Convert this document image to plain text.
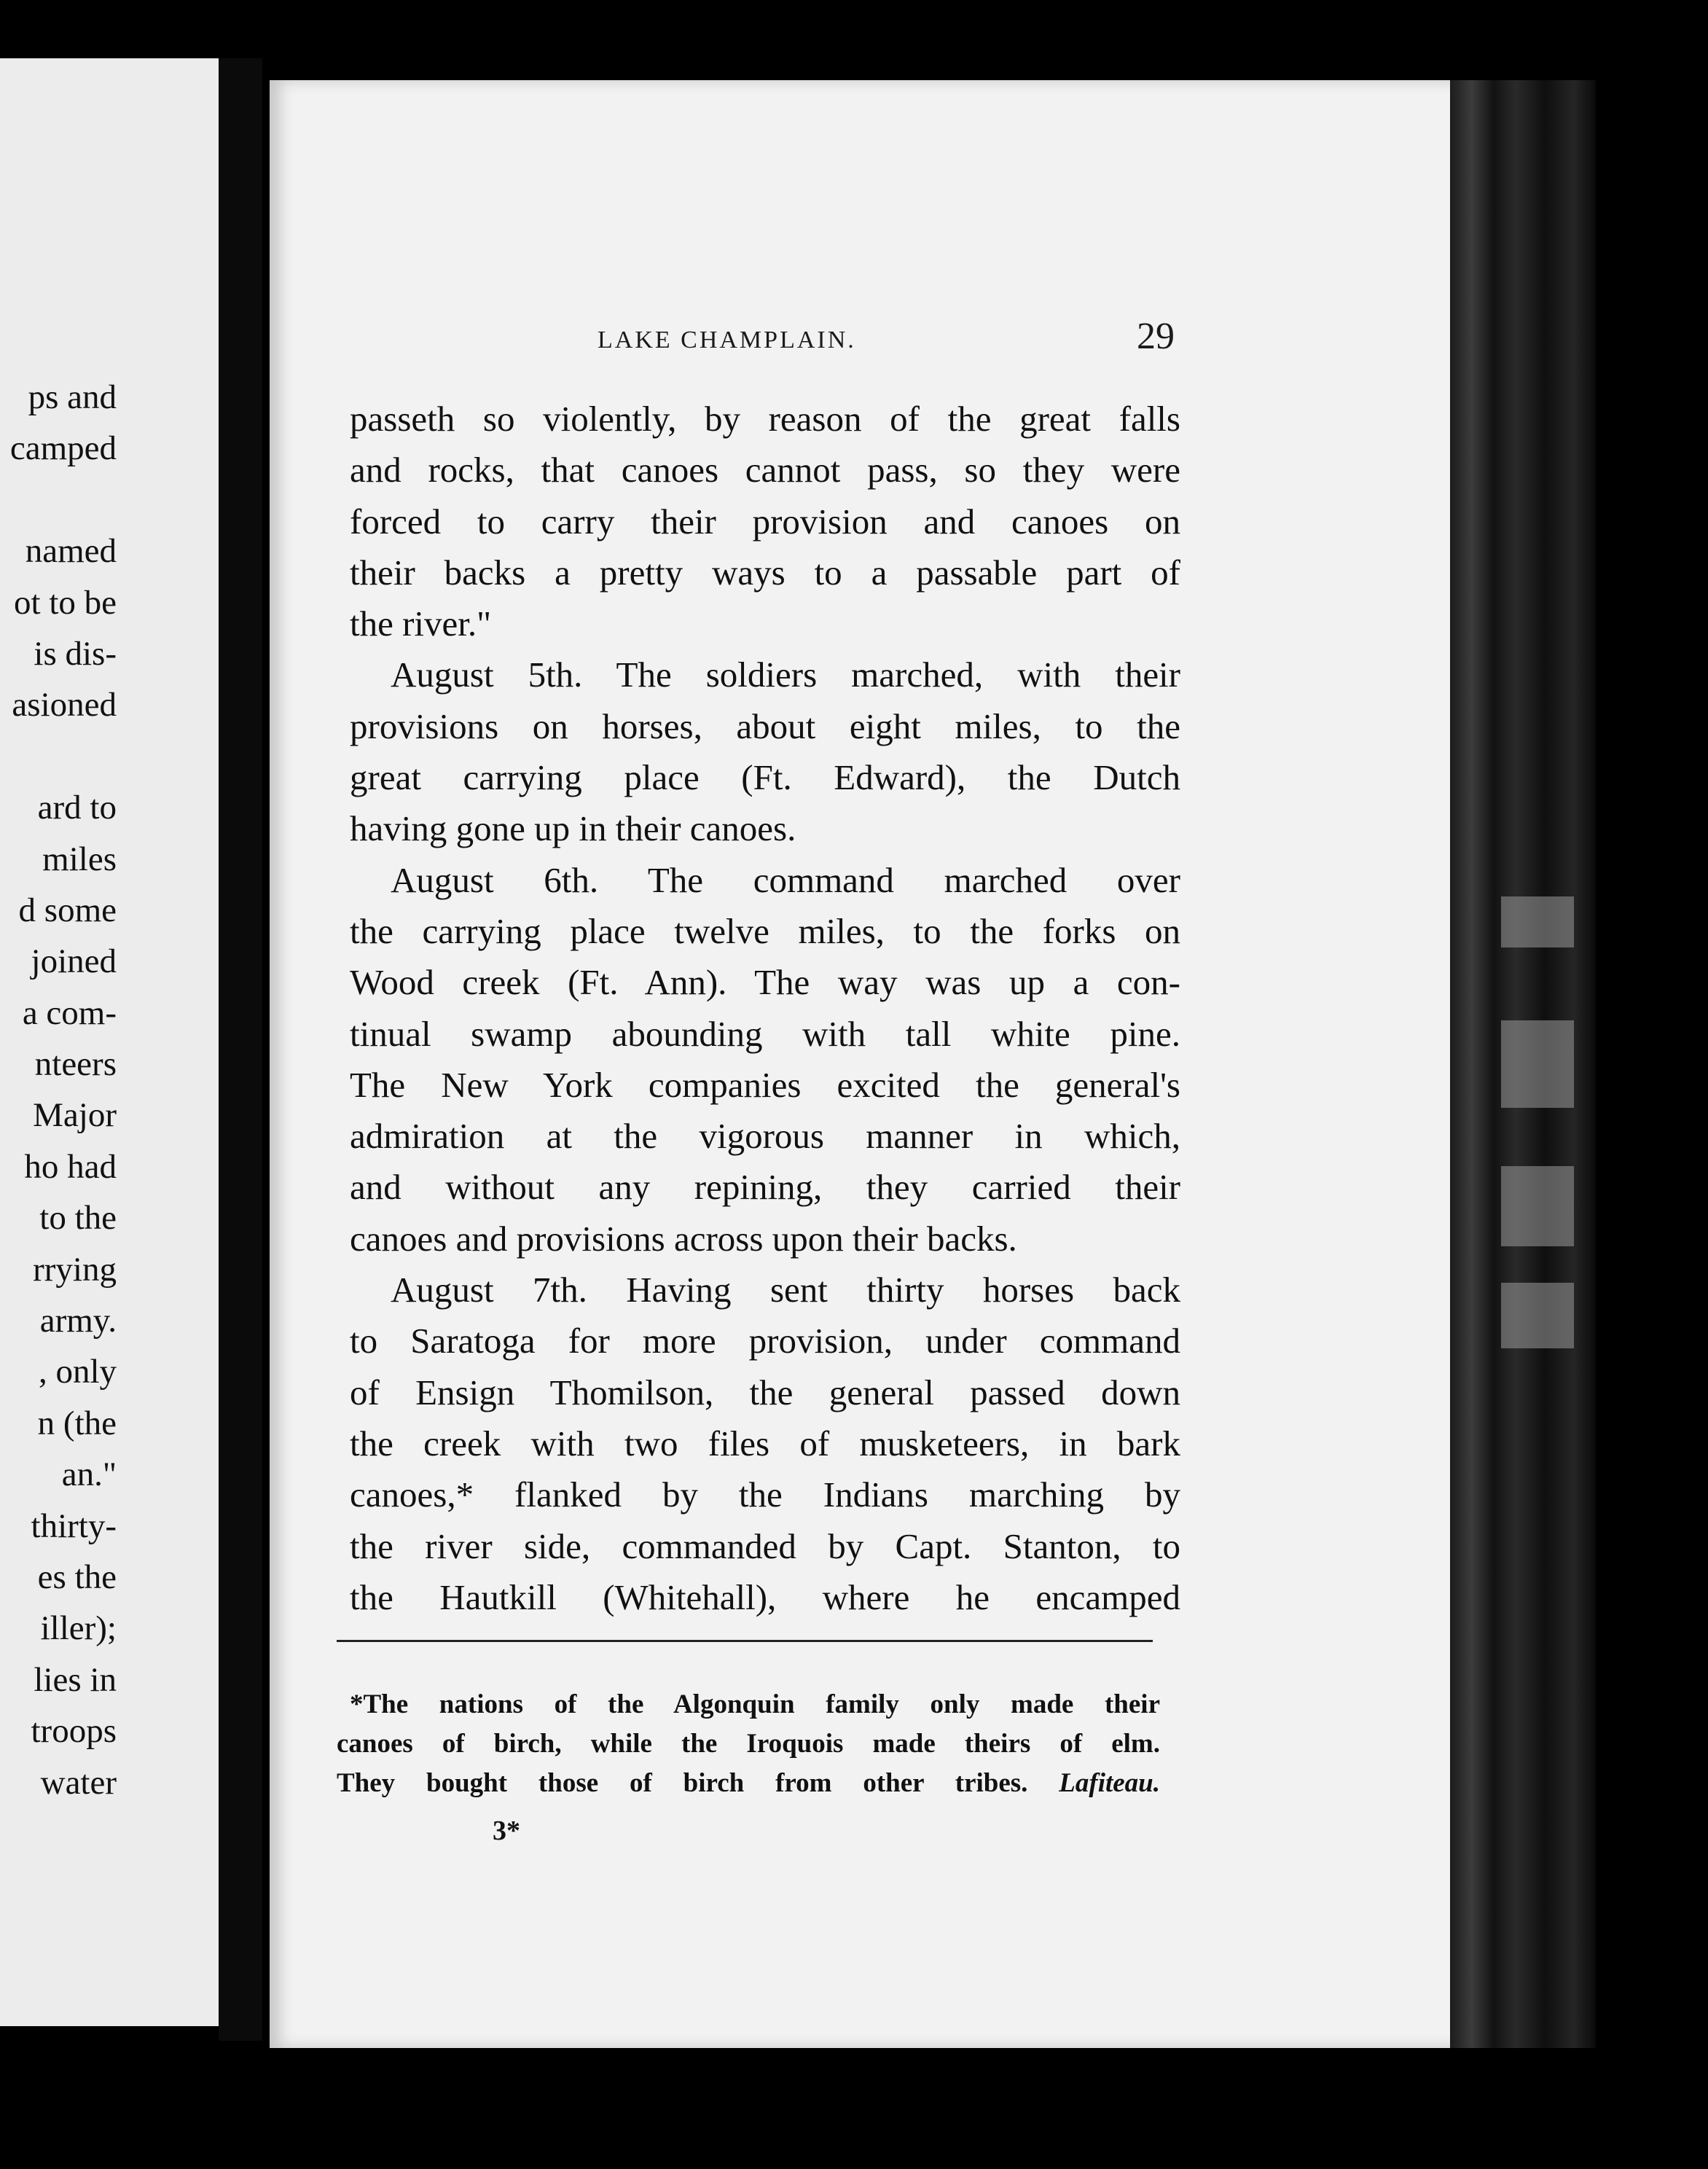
ps and
camped
named
ot to be
is dis-
asioned
ard to
miles
d some
joined
a com-
nteers
Major
ho had
to the
rrying
army.
, only
n (the
an."
thirty-
es the
iller);
lies in
troops
water
LAKE CHAMPLAIN.	29
passeth so violently, by reason of the great falls
and rocks, that canoes cannot pass, so they were
forced to carry their provision and canoes on
their backs a pretty ways to a passable part of
the river."
August 5th. The soldiers marched, with their
provisions on horses, about eight miles, to the
great carrying place (Ft. Edward), the Dutch
having gone up in their canoes.
August 6th. The command marched over
the carrying place twelve miles, to the forks on
Wood creek (Ft. Ann). The way was up a con-
tinual swamp abounding with tall white pine.
The New York companies excited the general's
admiration at the vigorous manner in which,
and without any repining, they carried their
canoes and provisions across upon their backs.
August 7th. Having sent thirty horses back
to Saratoga for more provision, under command
of Ensign Thomilson, the general passed down
the creek with two files of musketeers, in bark
canoes,* flanked by the Indians marching by
the river side, commanded by Capt. Stanton, to
the Hautkill (Whitehall), where he encamped
*The nations of the Algonquin family only made their
canoes of birch, while the Iroquois made theirs of elm.
They bought those of birch from other tribes. Lafiteau.
3*
